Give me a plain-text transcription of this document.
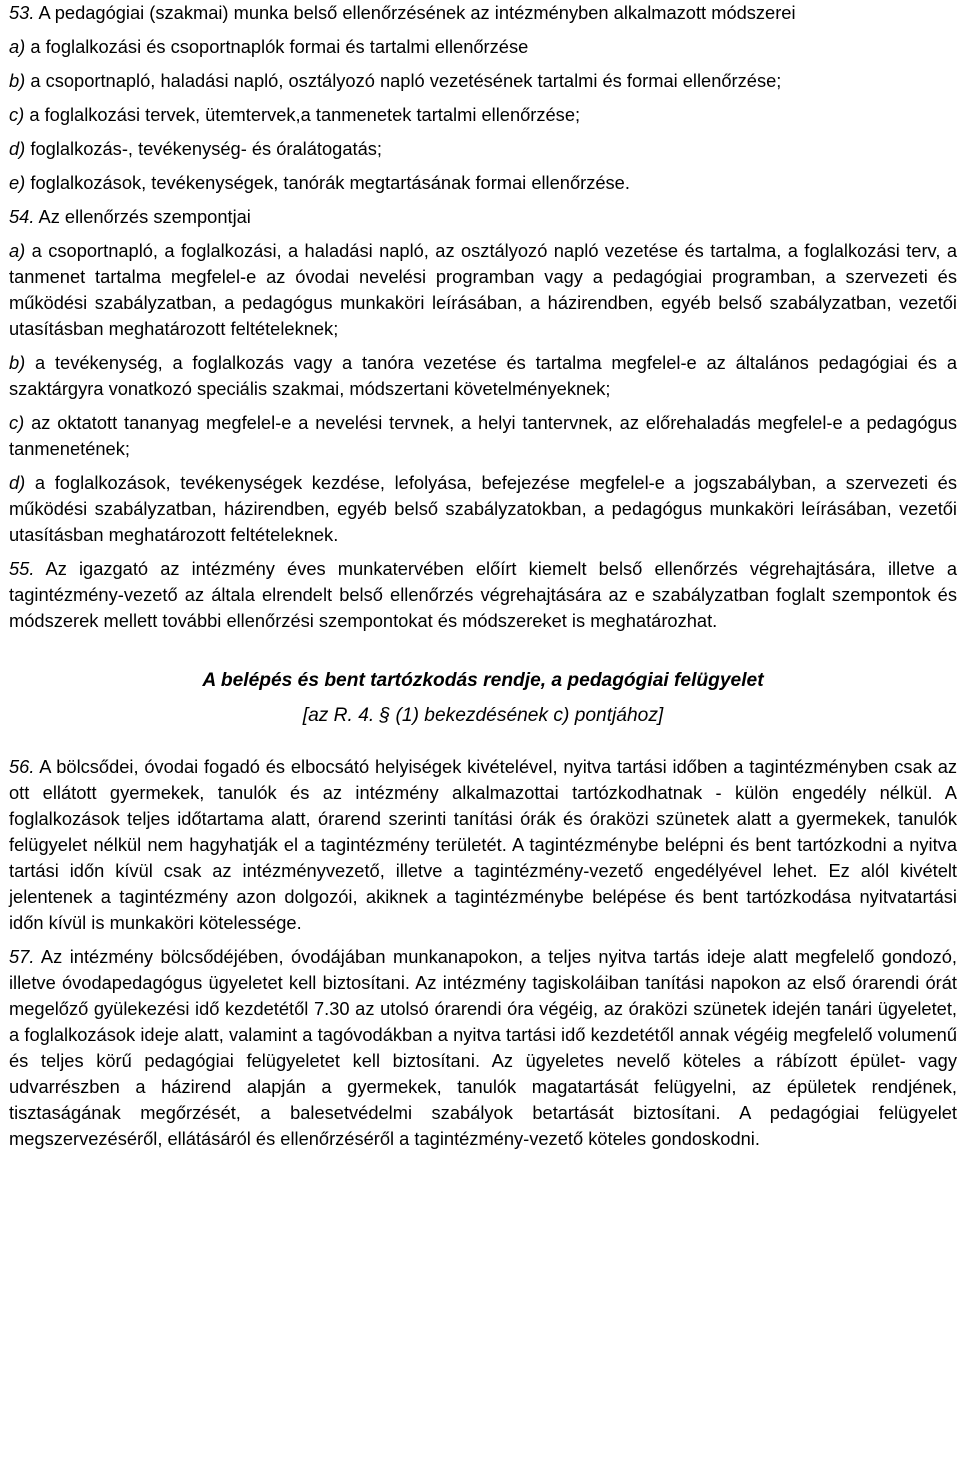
53. A pedagógiai (szakmai) munka belső ellenőrzésének az intézményben alkalmazott módszerei

a) a foglalkozási és csoportnaplók formai és tartalmi ellenőrzése

b) a csoportnapló, haladási napló, osztályozó napló vezetésének tartalmi és formai ellenőrzése;

c) a foglalkozási tervek, ütemtervek,a tanmenetek tartalmi ellenőrzése;

d) foglalkozás-, tevékenység- és óralátogatás;

e) foglalkozások, tevékenységek, tanórák megtartásának formai ellenőrzése.

54. Az ellenőrzés szempontjai

a) a csoportnapló, a foglalkozási, a haladási napló, az osztályozó napló vezetése és tartalma, a foglalkozási terv, a tanmenet tartalma megfelel-e az óvodai nevelési programban vagy a pedagógiai programban, a szervezeti és működési szabályzatban, a pedagógus munkaköri leírásában, a házirendben, egyéb belső szabályzatban, vezetői utasításban meghatározott feltételeknek;

b) a tevékenység, a foglalkozás vagy a tanóra vezetése és tartalma megfelel-e az általános pedagógiai és a szaktárgyra vonatkozó speciális szakmai, módszertani követelményeknek;

c) az oktatott tananyag megfelel-e a nevelési tervnek, a helyi tantervnek, az előrehaladás megfelel-e a pedagógus tanmenetének;

d) a foglalkozások, tevékenységek kezdése, lefolyása, befejezése megfelel-e a jogszabályban, a szervezeti és működési szabályzatban, házirendben, egyéb belső szabályzatokban, a pedagógus munkaköri leírásában, vezetői utasításban meghatározott feltételeknek.

55. Az igazgató az intézmény éves munkatervében előírt kiemelt belső ellenőrzés végrehajtására, illetve a tagintézmény-vezető az általa elrendelt belső ellenőrzés végrehajtására az e szabályzatban foglalt szempontok és módszerek mellett további ellenőrzési szempontokat és módszereket is meghatározhat.

A belépés és bent tartózkodás rendje, a pedagógiai felügyelet
[az R. 4. § (1) bekezdésének c) pontjához]

56. A bölcsődei, óvodai fogadó és elbocsátó helyiségek kivételével, nyitva tartási időben a tagintézményben csak az ott ellátott gyermekek, tanulók és az intézmény alkalmazottai tartózkodhatnak - külön engedély nélkül. A foglalkozások teljes időtartama alatt, órarend szerinti tanítási órák és óraközi szünetek alatt a gyermekek, tanulók felügyelet nélkül nem hagyhatják el a tagintézmény területét. A tagintézménybe belépni és bent tartózkodni a nyitva tartási időn kívül csak az intézményvezető, illetve a tagintézmény-vezető engedélyével lehet. Ez alól kivételt jelentenek a tagintézmény azon dolgozói, akiknek a tagintézménybe belépése és bent tartózkodása nyitvatartási időn kívül is munkaköri kötelessége.

57. Az intézmény bölcsődéjében, óvodájában munkanapokon, a teljes nyitva tartás ideje alatt megfelelő gondozó, illetve óvodapedagógus ügyeletet kell biztosítani. Az intézmény tagiskoláiban tanítási napokon az első órarendi órát megelőző gyülekezési idő kezdetétől 7.30 az utolsó órarendi óra végéig, az óraközi szünetek idején tanári ügyeletet, a foglalkozások ideje alatt, valamint a tagóvodákban a nyitva tartási idő kezdetétől annak végéig megfelelő volumenű és teljes körű pedagógiai felügyeletet kell biztosítani. Az ügyeletes nevelő köteles a rábízott épület- vagy udvarrészben a házirend alapján a gyermekek, tanulók magatartását felügyelni, az épületek rendjének, tisztaságának megőrzését, a balesetvédelmi szabályok betartását biztosítani. A pedagógiai felügyelet megszervezéséről, ellátásáról és ellenőrzéséről a tagintézmény-vezető köteles gondoskodni.
